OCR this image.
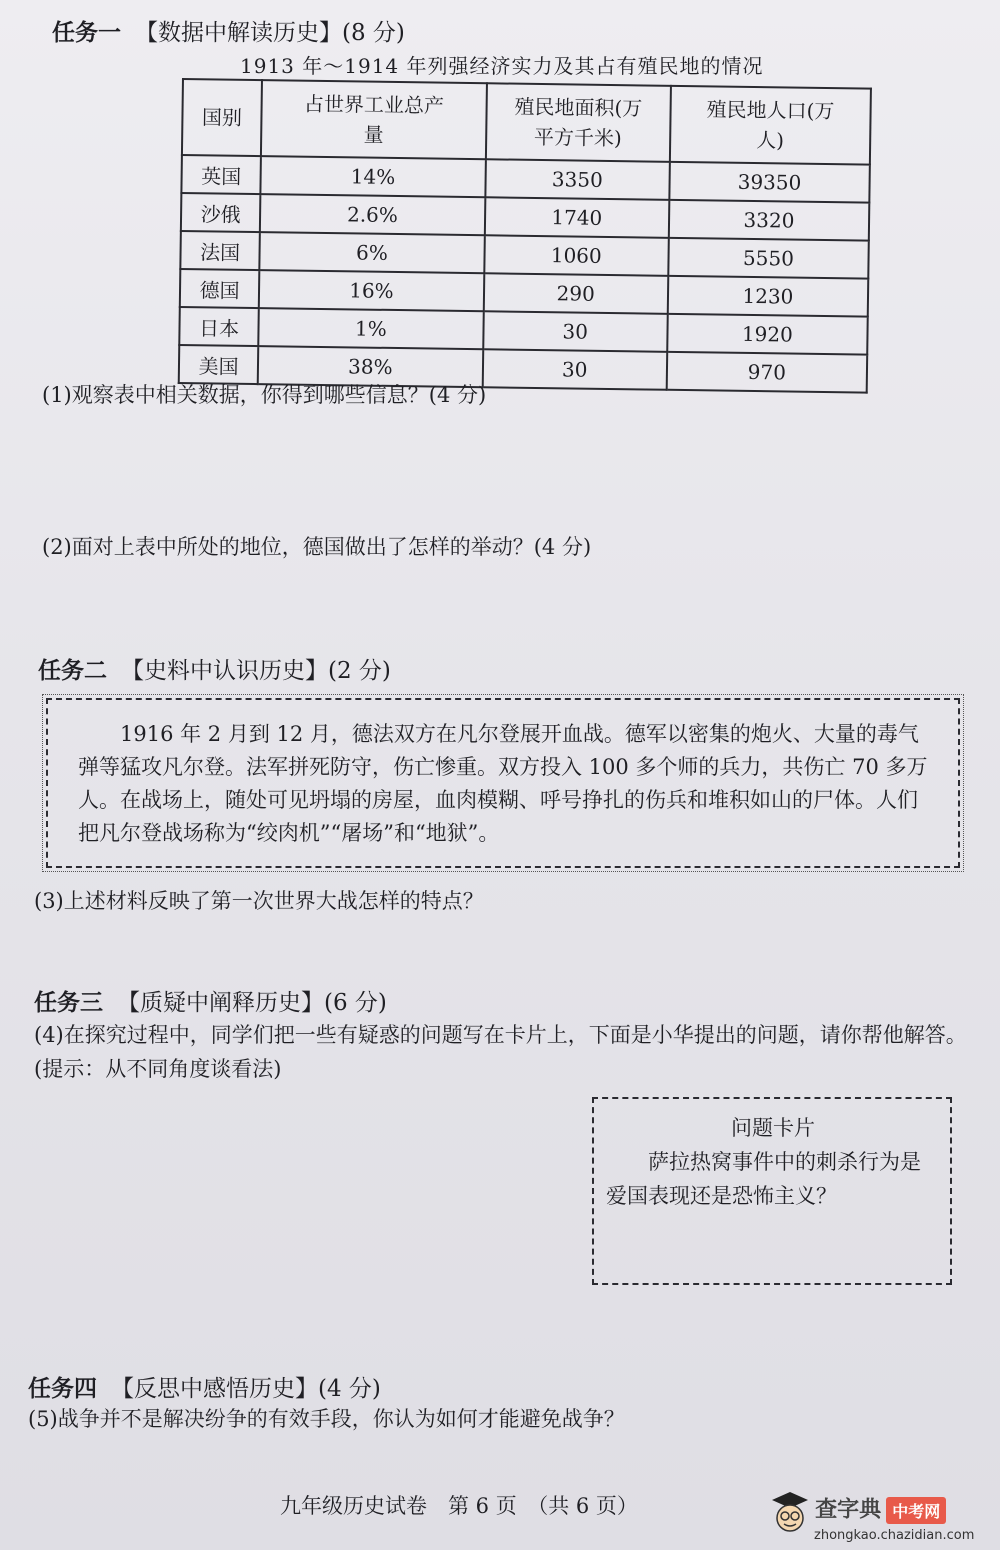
任务一 【数据中解读历史】(8 分)
1913 年～1914 年列强经济实力及其占有殖民地的情况
国别	占世界工业总产量	殖民地面积(万平方千米)	殖民地人口(万人)
英国	14%	3350	39350
沙俄	2.6%	1740	3320
法国	6%	1060	5550
德国	16%	290	1230
日本	1%	30	1920
美国	38%	30	970
(1)观察表中相关数据，你得到哪些信息？(4 分)
(2)面对上表中所处的地位，德国做出了怎样的举动？(4 分)
任务二 【史料中认识历史】(2 分)

1916 年 2 月到 12 月，德法双方在凡尔登展开血战。德军以密集的炮火、大量的毒气弹等猛攻凡尔登。法军拼死防守，伤亡惨重。双方投入 100 多个师的兵力，共伤亡 70 多万人。在战场上，随处可见坍塌的房屋，血肉模糊、呼号挣扎的伤兵和堆积如山的尸体。人们把凡尔登战场称为“绞肉机”“屠场”和“地狱”。

(3)上述材料反映了第一次世界大战怎样的特点？
任务三 【质疑中阐释历史】(6 分)
(4)在探究过程中，同学们把一些有疑惑的问题写在卡片上，下面是小华提出的问题，请你帮他解答。(提示：从不同角度谈看法)
问题卡片
萨拉热窝事件中的刺杀行为是爱国表现还是恐怖主义？
任务四 【反思中感悟历史】(4 分)
(5)战争并不是解决纷争的有效手段，你认为如何才能避免战争？
九年级历史试卷　第 6 页　（共 6 页）	查字典 中考网
zhongkao.chazidian.com
